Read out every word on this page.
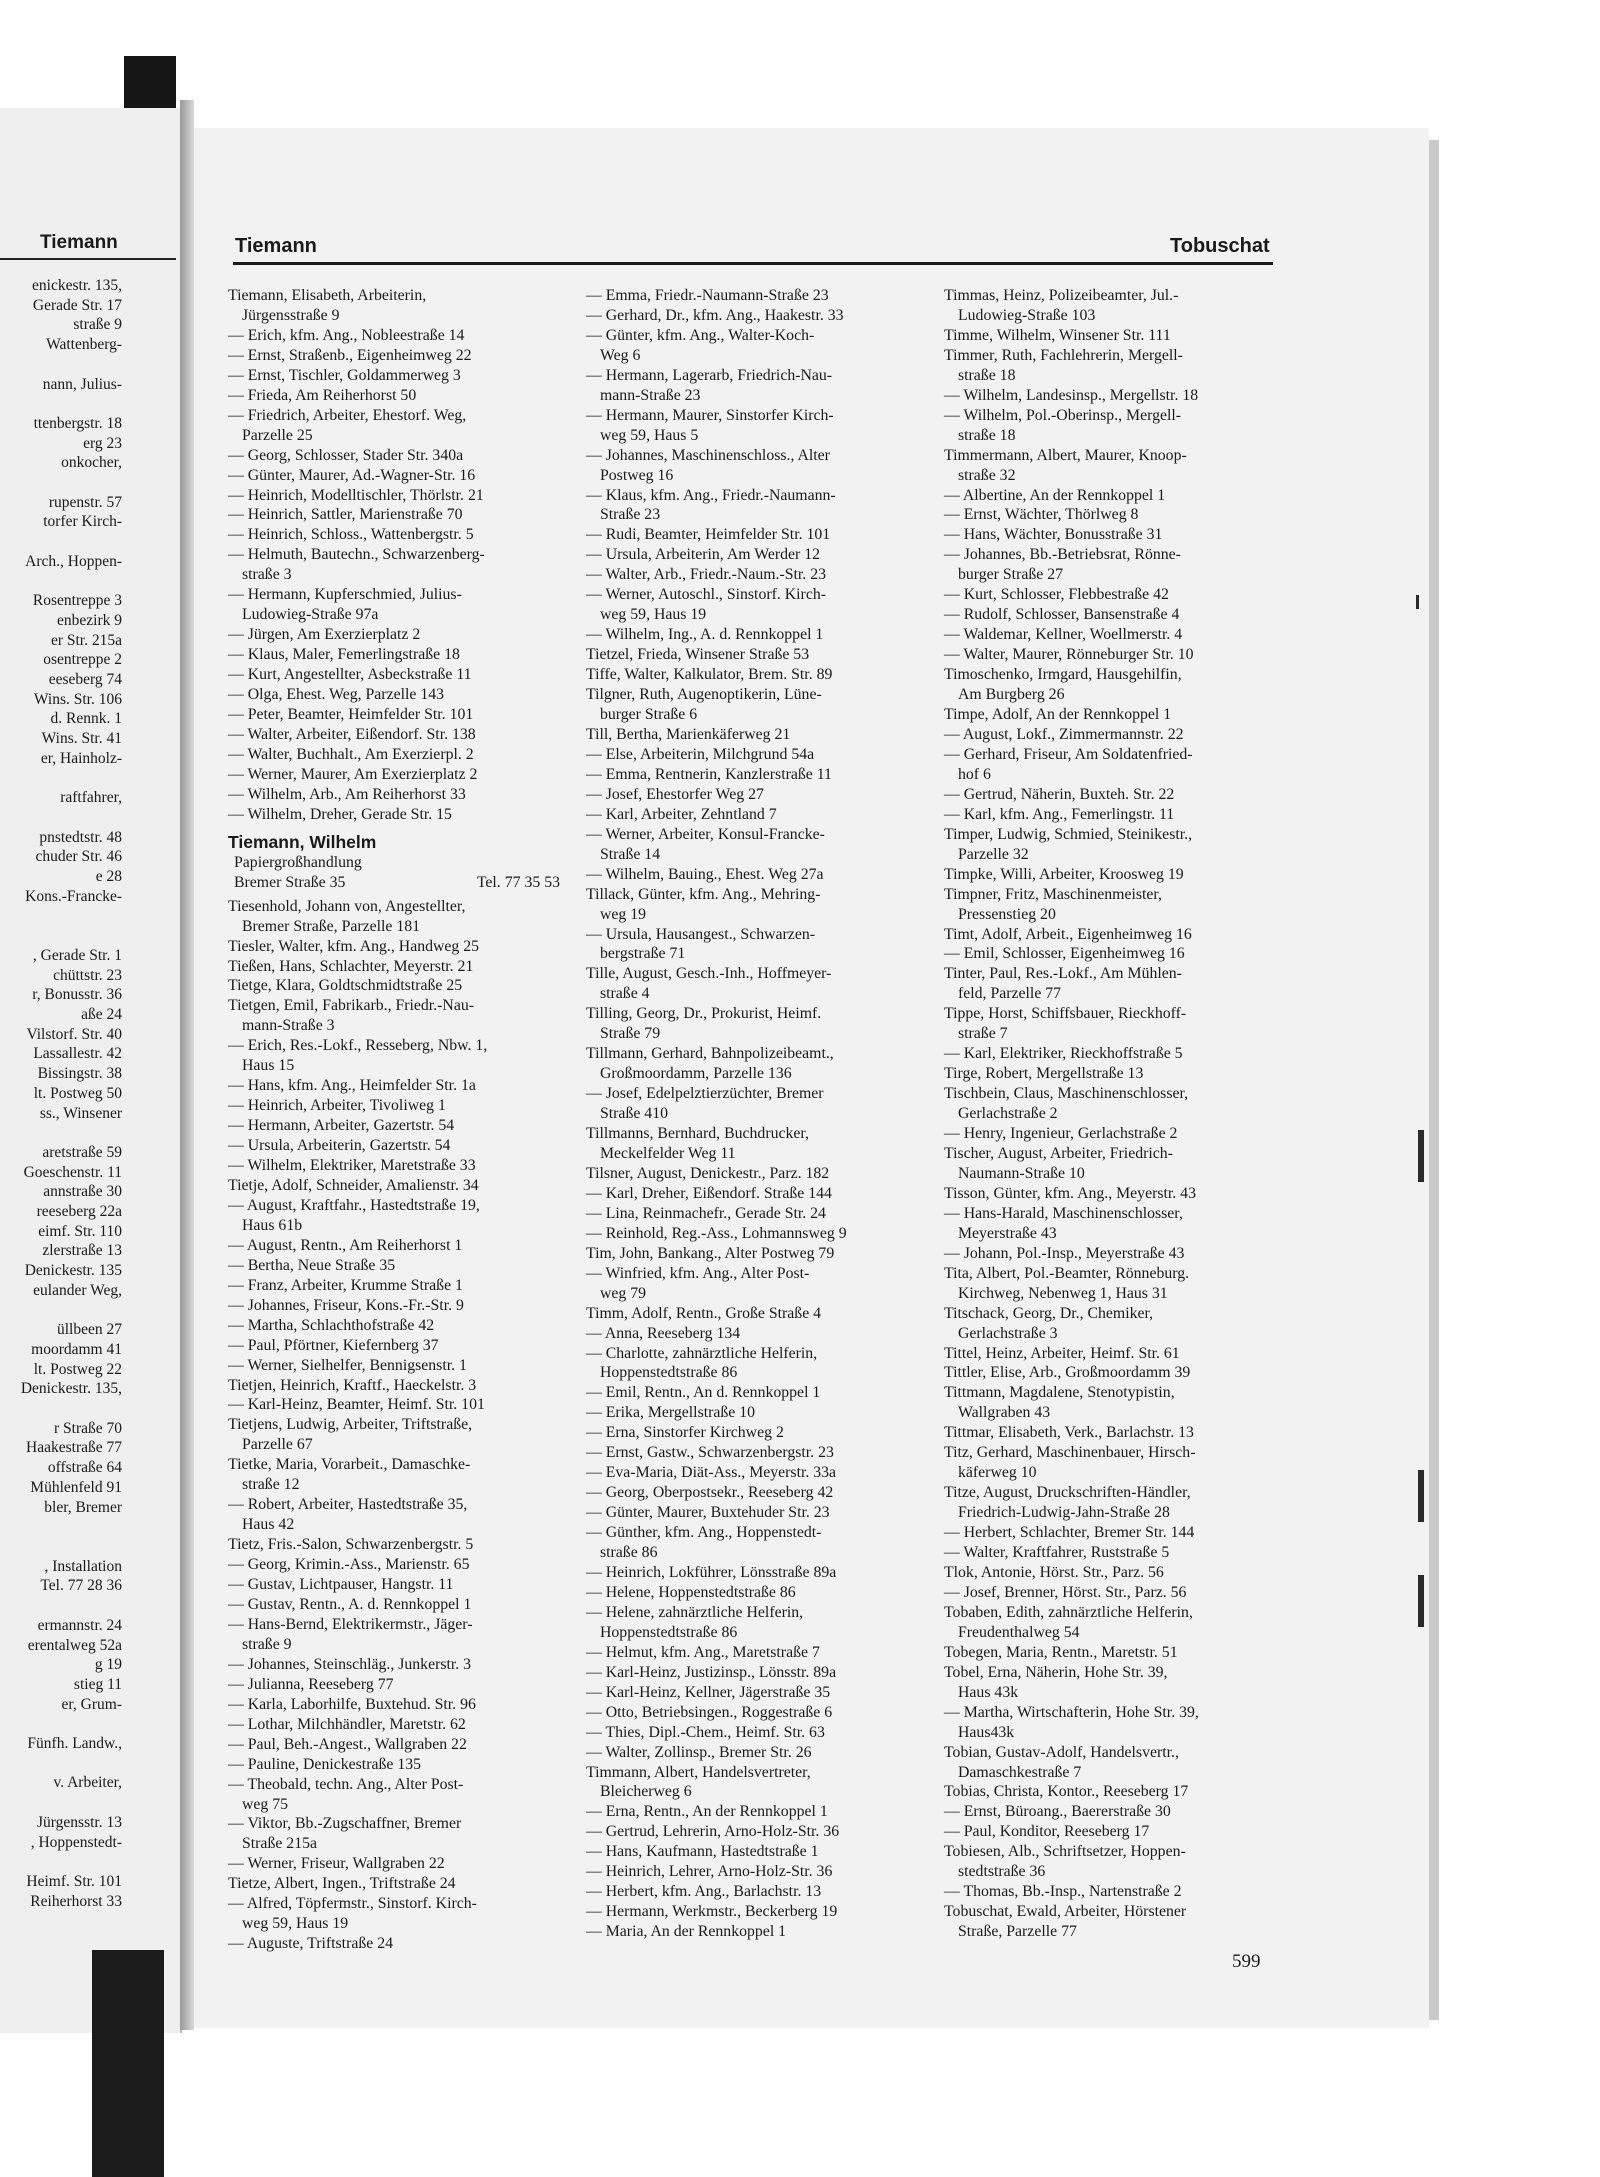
Tiemann
enickestr. 135,
Gerade Str. 17
straße 9
Wattenberg-

nann, Julius-

ttenbergstr. 18
erg 23
onkocher,

rupenstr. 57
torfer Kirch-

Arch., Hoppen-

Rosentreppe 3
enbezirk 9
er Str. 215a
osentreppe 2
eeseberg 74
Wins. Str. 106
d. Rennk. 1
Wins. Str. 41
er, Hainholz-

raftfahrer,

pnstedtstr. 48
chuder Str. 46
e 28
Kons.-Francke-

, Gerade Str. 1
chüttstr. 23
r, Bonusstr. 36
aße 24
Vilstorf. Str. 40
Lassallestr. 42
Bissingstr. 38
lt. Postweg 50
ss., Winsener

aretstraße 59
Goeschenstr. 11
annstraße 30
reeseberg 22a
eimf. Str. 110
zlerstraße 13
Denickestr. 135
eulander Weg,

üllbeen 27
moordamm 41
lt. Postweg 22
Denickestr. 135,

r Straße 70
Haakestraße 77
offstraße 64
Mühlenfeld 91
bler, Bremer

, Installation
Tel. 77 28 36

ermannstr. 24
erentalweg 52a
g 19
stieg 11
er, Grum-

Fünfh. Landw.,

v. Arbeiter,

Jürgensstr. 13
, Hoppenstedt-

Heimf. Str. 101
Reiherhorst 33
Tiemann	Tobuschat
Tiemann, Elisabeth, Arbeiterin,
Jürgensstraße 9
— Erich, kfm. Ang., Nobleestraße 14
— Ernst, Straßenb., Eigenheimweg 22
— Ernst, Tischler, Goldammerweg 3
— Frieda, Am Reiherhorst 50
— Friedrich, Arbeiter, Ehestorf. Weg,
Parzelle 25
— Georg, Schlosser, Stader Str. 340a
— Günter, Maurer, Ad.-Wagner-Str. 16
— Heinrich, Modelltischler, Thörlstr. 21
— Heinrich, Sattler, Marienstraße 70
— Heinrich, Schloss., Wattenbergstr. 5
— Helmuth, Bautechn., Schwarzenberg-
straße 3
— Hermann, Kupferschmied, Julius-
Ludowieg-Straße 97a
— Jürgen, Am Exerzierplatz 2
— Klaus, Maler, Femerlingstraße 18
— Kurt, Angestellter, Asbeckstraße 11
— Olga, Ehest. Weg, Parzelle 143
— Peter, Beamter, Heimfelder Str. 101
— Walter, Arbeiter, Eißendorf. Str. 138
— Walter, Buchhalt., Am Exerzierpl. 2
— Werner, Maurer, Am Exerzierplatz 2
— Wilhelm, Arb., Am Reiherhorst 33
— Wilhelm, Dreher, Gerade Str. 15
Tiemann, Wilhelm
Papiergroßhandlung
Bremer Straße 35	Tel. 77 35 53
Tiesenhold, Johann von, Angestellter,
Bremer Straße, Parzelle 181
Tiesler, Walter, kfm. Ang., Handweg 25
Tießen, Hans, Schlachter, Meyerstr. 21
Tietge, Klara, Goldtschmidtstraße 25
Tietgen, Emil, Fabrikarb., Friedr.-Nau-
mann-Straße 3
— Erich, Res.-Lokf., Resseberg, Nbw. 1,
Haus 15
— Hans, kfm. Ang., Heimfelder Str. 1a
— Heinrich, Arbeiter, Tivoliweg 1
— Hermann, Arbeiter, Gazertstr. 54
— Ursula, Arbeiterin, Gazertstr. 54
— Wilhelm, Elektriker, Maretstraße 33
Tietje, Adolf, Schneider, Amalienstr. 34
— August, Kraftfahr., Hastedtstraße 19,
Haus 61b
— August, Rentn., Am Reiherhorst 1
— Bertha, Neue Straße 35
— Franz, Arbeiter, Krumme Straße 1
— Johannes, Friseur, Kons.-Fr.-Str. 9
— Martha, Schlachthofstraße 42
— Paul, Pförtner, Kiefernberg 37
— Werner, Sielhelfer, Bennigsenstr. 1
Tietjen, Heinrich, Kraftf., Haeckelstr. 3
— Karl-Heinz, Beamter, Heimf. Str. 101
Tietjens, Ludwig, Arbeiter, Triftstraße,
Parzelle 67
Tietke, Maria, Vorarbeit., Damaschke-
straße 12
— Robert, Arbeiter, Hastedtstraße 35,
Haus 42
Tietz, Fris.-Salon, Schwarzenbergstr. 5
— Georg, Krimin.-Ass., Marienstr. 65
— Gustav, Lichtpauser, Hangstr. 11
— Gustav, Rentn., A. d. Rennkoppel 1
— Hans-Bernd, Elektrikermstr., Jäger-
straße 9
— Johannes, Steinschläg., Junkerstr. 3
— Julianna, Reeseberg 77
— Karla, Laborhilfe, Buxtehud. Str. 96
— Lothar, Milchhändler, Maretstr. 62
— Paul, Beh.-Angest., Wallgraben 22
— Pauline, Denickestraße 135
— Theobald, techn. Ang., Alter Post-
weg 75
— Viktor, Bb.-Zugschaffner, Bremer
Straße 215a
— Werner, Friseur, Wallgraben 22
Tietze, Albert, Ingen., Triftstraße 24
— Alfred, Töpfermstr., Sinstorf. Kirch-
weg 59, Haus 19
— Auguste, Triftstraße 24
— Emma, Friedr.-Naumann-Straße 23
— Gerhard, Dr., kfm. Ang., Haakestr. 33
— Günter, kfm. Ang., Walter-Koch-
Weg 6
— Hermann, Lagerarb, Friedrich-Nau-
mann-Straße 23
— Hermann, Maurer, Sinstorfer Kirch-
weg 59, Haus 5
— Johannes, Maschinenschloss., Alter
Postweg 16
— Klaus, kfm. Ang., Friedr.-Naumann-
Straße 23
— Rudi, Beamter, Heimfelder Str. 101
— Ursula, Arbeiterin, Am Werder 12
— Walter, Arb., Friedr.-Naum.-Str. 23
— Werner, Autoschl., Sinstorf. Kirch-
weg 59, Haus 19
— Wilhelm, Ing., A. d. Rennkoppel 1
Tietzel, Frieda, Winsener Straße 53
Tiffe, Walter, Kalkulator, Brem. Str. 89
Tilgner, Ruth, Augenoptikerin, Lüne-
burger Straße 6
Till, Bertha, Marienkäferweg 21
— Else, Arbeiterin, Milchgrund 54a
— Emma, Rentnerin, Kanzlerstraße 11
— Josef, Ehestorfer Weg 27
— Karl, Arbeiter, Zehntland 7
— Werner, Arbeiter, Konsul-Francke-
Straße 14
— Wilhelm, Bauing., Ehest. Weg 27a
Tillack, Günter, kfm. Ang., Mehring-
weg 19
— Ursula, Hausangest., Schwarzen-
bergstraße 71
Tille, August, Gesch.-Inh., Hoffmeyer-
straße 4
Tilling, Georg, Dr., Prokurist, Heimf.
Straße 79
Tillmann, Gerhard, Bahnpolizeibeamt.,
Großmoordamm, Parzelle 136
— Josef, Edelpelztierzüchter, Bremer
Straße 410
Tillmanns, Bernhard, Buchdrucker,
Meckelfelder Weg 11
Tilsner, August, Denickestr., Parz. 182
— Karl, Dreher, Eißendorf. Straße 144
— Lina, Reinmachefr., Gerade Str. 24
— Reinhold, Reg.-Ass., Lohmannsweg 9
Tim, John, Bankang., Alter Postweg 79
— Winfried, kfm. Ang., Alter Post-
weg 79
Timm, Adolf, Rentn., Große Straße 4
— Anna, Reeseberg 134
— Charlotte, zahnärztliche Helferin,
Hoppenstedtstraße 86
— Emil, Rentn., An d. Rennkoppel 1
— Erika, Mergellstraße 10
— Erna, Sinstorfer Kirchweg 2
— Ernst, Gastw., Schwarzenbergstr. 23
— Eva-Maria, Diät-Ass., Meyerstr. 33a
— Georg, Oberpostsekr., Reeseberg 42
— Günter, Maurer, Buxtehuder Str. 23
— Günther, kfm. Ang., Hoppenstedt-
straße 86
— Heinrich, Lokführer, Lönsstraße 89a
— Helene, Hoppenstedtstraße 86
— Helene, zahnärztliche Helferin,
Hoppenstedtstraße 86
— Helmut, kfm. Ang., Maretstraße 7
— Karl-Heinz, Justizinsp., Lönsstr. 89a
— Karl-Heinz, Kellner, Jägerstraße 35
— Otto, Betriebsingen., Roggestraße 6
— Thies, Dipl.-Chem., Heimf. Str. 63
— Walter, Zollinsp., Bremer Str. 26
Timmann, Albert, Handelsvertreter,
Bleicherweg 6
— Erna, Rentn., An der Rennkoppel 1
— Gertrud, Lehrerin, Arno-Holz-Str. 36
— Hans, Kaufmann, Hastedtstraße 1
— Heinrich, Lehrer, Arno-Holz-Str. 36
— Herbert, kfm. Ang., Barlachstr. 13
— Hermann, Werkmstr., Beckerberg 19
— Maria, An der Rennkoppel 1
Timmas, Heinz, Polizeibeamter, Jul.-
Ludowieg-Straße 103
Timme, Wilhelm, Winsener Str. 111
Timmer, Ruth, Fachlehrerin, Mergell-
straße 18
— Wilhelm, Landesinsp., Mergellstr. 18
— Wilhelm, Pol.-Oberinsp., Mergell-
straße 18
Timmermann, Albert, Maurer, Knoop-
straße 32
— Albertine, An der Rennkoppel 1
— Ernst, Wächter, Thörlweg 8
— Hans, Wächter, Bonusstraße 31
— Johannes, Bb.-Betriebsrat, Rönne-
burger Straße 27
— Kurt, Schlosser, Flebbestraße 42
— Rudolf, Schlosser, Bansenstraße 4
— Waldemar, Kellner, Woellmerstr. 4
— Walter, Maurer, Rönneburger Str. 10
Timoschenko, Irmgard, Hausgehilfin,
Am Burgberg 26
Timpe, Adolf, An der Rennkoppel 1
— August, Lokf., Zimmermannstr. 22
— Gerhard, Friseur, Am Soldatenfried-
hof 6
— Gertrud, Näherin, Buxteh. Str. 22
— Karl, kfm. Ang., Femerlingstr. 11
Timper, Ludwig, Schmied, Steinikestr.,
Parzelle 32
Timpke, Willi, Arbeiter, Kroosweg 19
Timpner, Fritz, Maschinenmeister,
Pressenstieg 20
Timt, Adolf, Arbeit., Eigenheimweg 16
— Emil, Schlosser, Eigenheimweg 16
Tinter, Paul, Res.-Lokf., Am Mühlen-
feld, Parzelle 77
Tippe, Horst, Schiffsbauer, Rieckhoff-
straße 7
— Karl, Elektriker, Rieckhoffstraße 5
Tirge, Robert, Mergellstraße 13
Tischbein, Claus, Maschinenschlosser,
Gerlachstraße 2
— Henry, Ingenieur, Gerlachstraße 2
Tischer, August, Arbeiter, Friedrich-
Naumann-Straße 10
Tisson, Günter, kfm. Ang., Meyerstr. 43
— Hans-Harald, Maschinenschlosser,
Meyerstraße 43
— Johann, Pol.-Insp., Meyerstraße 43
Tita, Albert, Pol.-Beamter, Rönneburg.
Kirchweg, Nebenweg 1, Haus 31
Titschack, Georg, Dr., Chemiker,
Gerlachstraße 3
Tittel, Heinz, Arbeiter, Heimf. Str. 61
Tittler, Elise, Arb., Großmoordamm 39
Tittmann, Magdalene, Stenotypistin,
Wallgraben 43
Tittmar, Elisabeth, Verk., Barlachstr. 13
Titz, Gerhard, Maschinenbauer, Hirsch-
käferweg 10
Titze, August, Druckschriften-Händler,
Friedrich-Ludwig-Jahn-Straße 28
— Herbert, Schlachter, Bremer Str. 144
— Walter, Kraftfahrer, Ruststraße 5
Tlok, Antonie, Hörst. Str., Parz. 56
— Josef, Brenner, Hörst. Str., Parz. 56
Tobaben, Edith, zahnärztliche Helferin,
Freudenthalweg 54
Tobegen, Maria, Rentn., Maretstr. 51
Tobel, Erna, Näherin, Hohe Str. 39,
Haus 43k
— Martha, Wirtschafterin, Hohe Str. 39,
Haus43k
Tobian, Gustav-Adolf, Handelsvertr.,
Damaschkestraße 7
Tobias, Christa, Kontor., Reeseberg 17
— Ernst, Büroang., Baererstraße 30
— Paul, Konditor, Reeseberg 17
Tobiesen, Alb., Schriftsetzer, Hoppen-
stedtstraße 36
— Thomas, Bb.-Insp., Nartenstraße 2
Tobuschat, Ewald, Arbeiter, Hörstener
Straße, Parzelle 77
599
